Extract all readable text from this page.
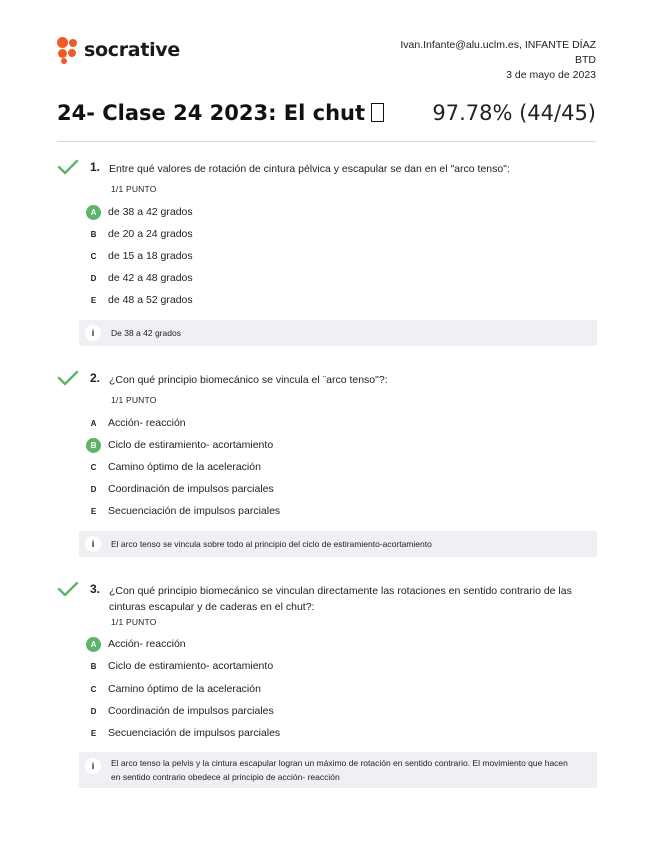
socrative	Ivan.Infante@alu.uclm.es, INFANTE DÍAZ
BTD
3 de mayo de 2023
24- Clase 24 2023: El chut	97.78% (44/45)
1. Entre qué valores de rotación de cintura pélvica y escapular se dan en el "arco tenso":
1/1 PUNTO
A	de 38 a 42 grados
B	de 20 a 24 grados
C	de 15 a 18 grados
D	de 42 a 48 grados
E	de 48 a 52 grados
i	De 38 a 42 grados
2. ¿Con qué principio biomecánico se vincula el ¨arco tenso"?:
1/1 PUNTO
A	Acción- reacción
B	Ciclo de estiramiento- acortamiento
C	Camino óptimo de la aceleración
D	Coordinación de impulsos parciales
E	Secuenciación de impulsos parciales
i	El arco tenso se vincula sobre todo al principio del ciclo de estiramiento-acortamiento
3. ¿Con qué principio biomecánico se vinculan directamente las rotaciones en sentido contrario de las cinturas escapular y de caderas en el chut?:
1/1 PUNTO
A	Acción- reacción
B	Ciclo de estiramiento- acortamiento
C	Camino óptimo de la aceleración
D	Coordinación de impulsos parciales
E	Secuenciación de impulsos parciales
i	El arco tenso la pelvis y la cintura escapular logran un máximo de rotación en sentido contrario. El movimiento que hacen en sentido contrario obedece al principio de acción- reacción
